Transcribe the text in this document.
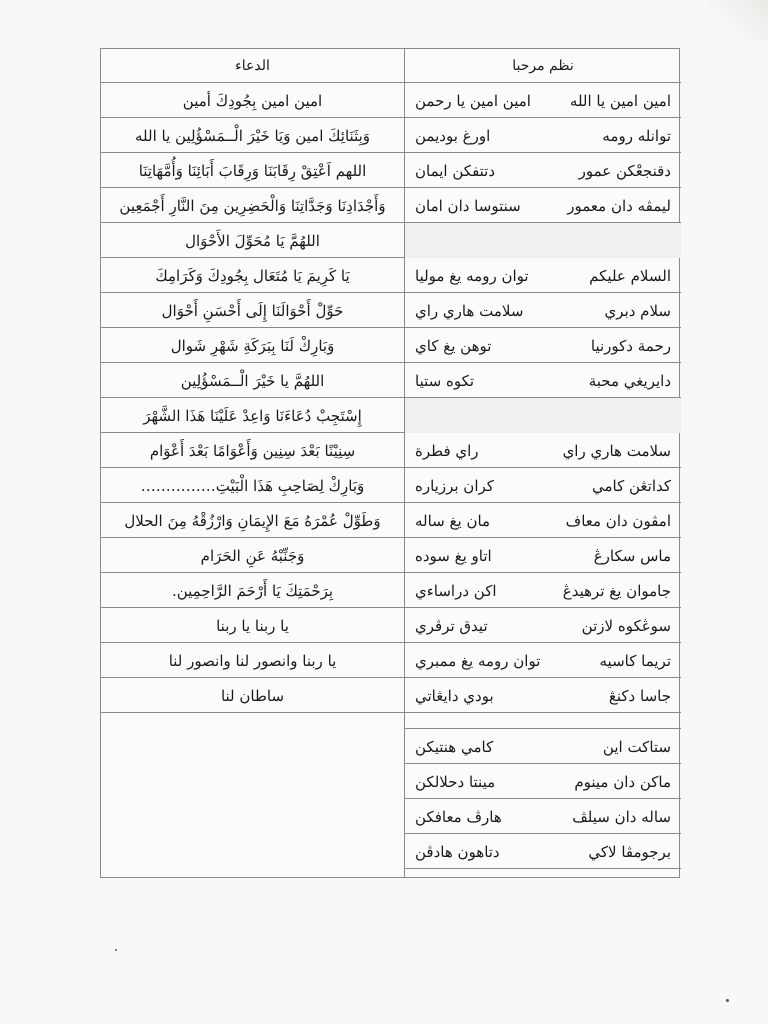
نظم مرحبا
الدعاء
امين امين يا الله
امين امين يا رحمن
امين امين بِجُودِكَ أمين
توانله رومه
اورغ بوديمن
وَبِثَنَائِكَ امين وَيَا خَيْرَ الْــمَسْؤُلِين يا الله
دقنجعْكن عمور
دتتفكن ايمان
اللهم اَعْتِقْ رِقَابَنَا وَرِقَابَ أَبَائِنَا وَأُمَّهَاتِنَا
ليمڤه دان معمور
سنتوسا دان امان
وَأَجْدَادِنَا وَجَدَّاتِنَا وَالْحَضِرِين مِنَ النَّارِ أَجْمَعِين
اللهُمَّ يَا مُحَوِّلَ الأَحْوَال
السلام عليكم
توان رومه يغ موليا
يَا كَرِيمَ يَا مُتَعَال بِجُودِكَ وَكَرَامِكَ
سلام دبري
سلامت هاري راي
حَوِّلْ أَحْوَالَنَا إِلَى أَحْسَنِ أَحْوَال
رحمة دكورنيا
توهن يغ كاي
وَبَارِكْ لَنَا بِبَرَكَةِ شَهْرِ شَوال
دايريغي محبة
تكوه ستيا
اللهُمَّ يا خَيْرَ الْــمَسْؤُلِين
إِسْتَجِبْ دُعَاءَنَا وَاعِدْ عَلَيْنَا هَذَا الشَّهْرَ
سلامت هاري راي
راي فطرة
سِنِيْنًا بَعْدَ سِنِين وَأَعْوَامًا بَعْدَ أَعْوَام
كداتڠن كامي
كران برزياره
وَبَارِكْ لِصَاحِبِ هَذَا الْبَيْتِ……………
امڤون دان معاف
مان يغ ساله
وَطَوِّلْ عُمْرَهُ مَعَ الإِيمَانِ وَارْزُقْهُ مِنَ الحلال
ماس سكارڠ
اتاو يغ سوده
وَجَنِّبْهُ عَنِ الحَرَام
جاموان يغ ترهيدڠ
اكن دراساءي
بِرَحْمَتِكَ يَا أَرْحَمَ الرَّاحِمِين.
سوڠكوه لازتن
تيدق ترڤري
يا ربنا يا ربنا
تريما كاسيه
توان رومه يغ ممبري
يا ربنا وانصور لنا وانصور لنا
جاسا دكنڠ
بودي دايڠاتي
ساطان لنا
ستاكت اين
كامي هنتيكن
ماكن دان مينوم
مينتا دحلالكن
ساله دان سيلڤ
هارڤ معافكن
برجومڤا لاكي
دتاهون هادڤن
